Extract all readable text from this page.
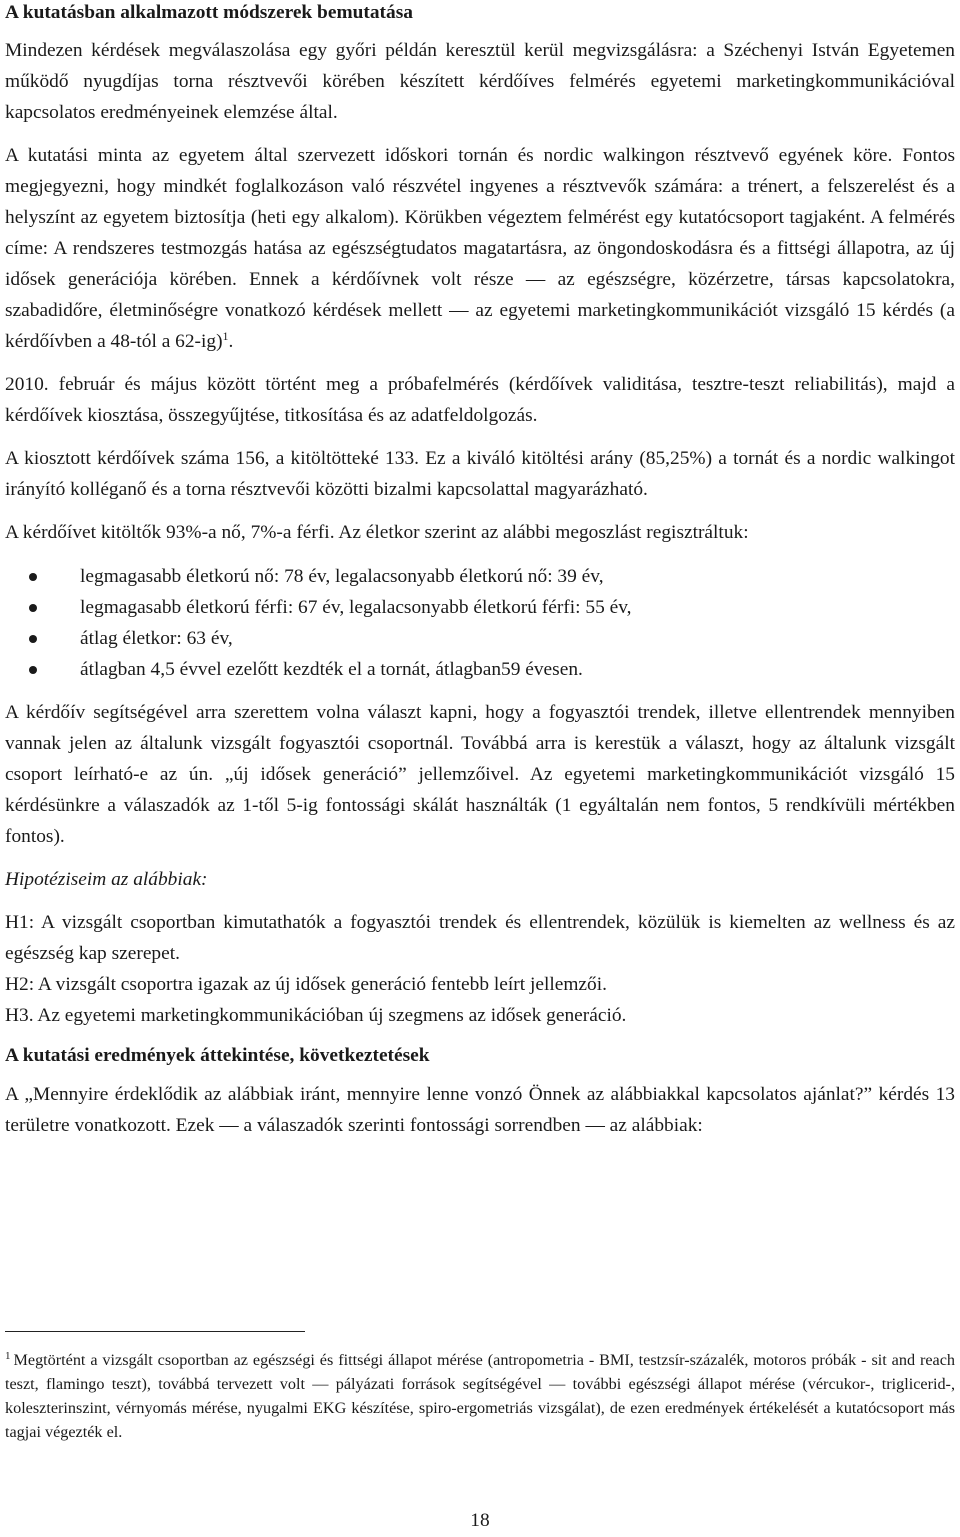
A kutatásban alkalmazott módszerek bemutatása

Mindezen kérdések megválaszolása egy győri példán keresztül kerül megvizsgálásra: a Széchenyi István Egyetemen működő nyugdíjas torna résztvevői körében készített kérdőíves felmérés egyetemi marketingkommunikációval kapcsolatos eredményeinek elemzése által.

A kutatási minta az egyetem által szervezett időskori tornán és nordic walkingon résztvevő egyének köre. Fontos megjegyezni, hogy mindkét foglalkozáson való részvétel ingyenes a résztvevők számára: a trénert, a felszerelést és a helyszínt az egyetem biztosítja (heti egy alkalom). Körükben végeztem felmérést egy kutatócsoport tagjaként. A felmérés címe: A rendszeres testmozgás hatása az egészségtudatos magatartásra, az öngondoskodásra és a fittségi állapotra, az új idősek generációja körében. Ennek a kérdőívnek volt része — az egészségre, közérzetre, társas kapcsolatokra, szabadidőre, életminőségre vonatkozó kérdések mellett — az egyetemi marketingkommunikációt vizsgáló 15 kérdés (a kérdőívben a 48-tól a 62-ig)$^1$.

2010. február és május között történt meg a próbafelmérés (kérdőívek validitása, tesztre-teszt reliabilitás), majd a kérdőívek kiosztása, összegyűjtése, titkosítása és az adatfeldolgozás.

A kiosztott kérdőívek száma 156, a kitöltötteké 133. Ez a kiváló kitöltési arány (85,25%) a tornát és a nordic walkingot irányító kolléganő és a torna résztvevői közötti bizalmi kapcsolattal magyarázható.

A kérdőívet kitöltők 93%-a nő, 7%-a férfi. Az életkor szerint az alábbi megoszlást regisztráltuk:

legmagasabb életkorú nő: 78 év, legalacsonyabb életkorú nő: 39 év,
legmagasabb életkorú férfi: 67 év, legalacsonyabb életkorú férfi: 55 év,
átlag életkor: 63 év,
átlagban 4,5 évvel ezelőtt kezdték el a tornát, átlagban59 évesen.

A kérdőív segítségével arra szerettem volna választ kapni, hogy a fogyasztói trendek, illetve ellentrendek mennyiben vannak jelen az általunk vizsgált fogyasztói csoportnál. Továbbá arra is kerestük a választ, hogy az általunk vizsgált csoport leírható-e az ún. „új idősek generáció” jellemzőivel. Az egyetemi marketingkommunikációt vizsgáló 15 kérdésünkre a válaszadók az 1-től 5-ig fontossági skálát használták (1 egyáltalán nem fontos, 5 rendkívüli mértékben fontos).

Hipotéziseim az alábbiak:

H1: A vizsgált csoportban kimutathatók a fogyasztói trendek és ellentrendek, közülük is kiemelten az wellness és az egészség kap szerepet.

H2: A vizsgált csoportra igazak az új idősek generáció fentebb leírt jellemzői.

H3. Az egyetemi marketingkommunikációban új szegmens az idősek generáció.

A kutatási eredmények áttekintése, következtetések

A „Mennyire érdeklődik az alábbiak iránt, mennyire lenne vonzó Önnek az alábbiakkal kapcsolatos ajánlat?” kérdés 13 területre vonatkozott. Ezek — a válaszadók szerinti fontossági sorrendben — az alábbiak:

$^1$ Megtörtént a vizsgált csoportban az egészségi és fittségi állapot mérése (antropometria - BMI, testzsír-százalék, motoros próbák - sit and reach teszt, flamingo teszt), továbbá tervezett volt — pályázati források segítségével — további egészségi állapot mérése (vércukor-, triglicerid-, koleszterinszint, vérnyomás mérése, nyugalmi EKG készítése, spiro-ergometriás vizsgálat), de ezen eredmények értékelését a kutatócsoport más tagjai végezték el.
18
